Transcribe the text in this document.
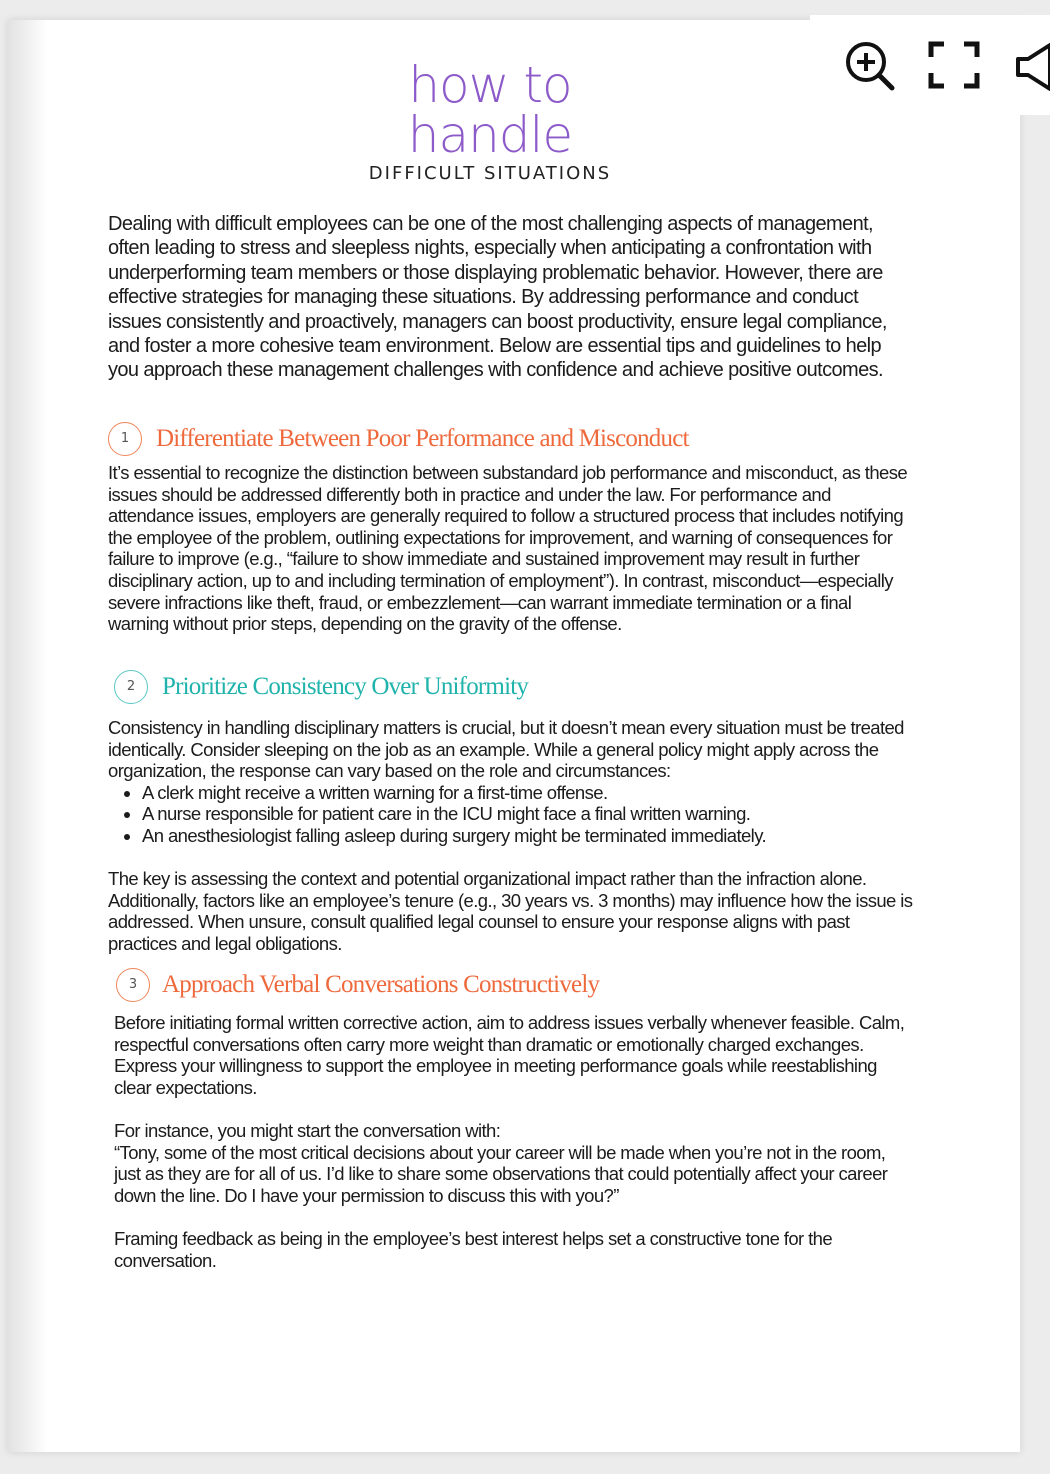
how to
handle
DIFFICULT SITUATIONS
Dealing with difficult employees can be one of the most challenging aspects of management, often leading to stress and sleepless nights, especially when anticipating a confrontation with underperforming team members or those displaying problematic behavior. However, there are effective strategies for managing these situations. By addressing performance and conduct issues consistently and proactively, managers can boost productivity, ensure legal compliance, and foster a more cohesive team environment. Below are essential tips and guidelines to help you approach these management challenges with confidence and achieve positive outcomes.
1	Differentiate Between Poor Performance and Misconduct

It’s essential to recognize the distinction between substandard job performance and misconduct, as these issues should be addressed differently both in practice and under the law. For performance and attendance issues, employers are generally required to follow a structured process that includes notifying the employee of the problem, outlining expectations for improvement, and warning of consequences for failure to improve (e.g., “failure to show immediate and sustained improvement may result in further disciplinary action, up to and including termination of employment”). In contrast, misconduct—especially severe infractions like theft, fraud, or embezzlement—can warrant immediate termination or a final warning without prior steps, depending on the gravity of the offense.

2	Prioritize Consistency Over Uniformity

Consistency in handling disciplinary matters is crucial, but it doesn’t mean every situation must be treated identically. Consider sleeping on the job as an example. While a general policy might apply across the organization, the response can vary based on the role and circumstances:

• A clerk might receive a written warning for a first-time offense.
• A nurse responsible for patient care in the ICU might face a final written warning.
• An anesthesiologist falling asleep during surgery might be terminated immediately.

The key is assessing the context and potential organizational impact rather than the infraction alone. Additionally, factors like an employee’s tenure (e.g., 30 years vs. 3 months) may influence how the issue is addressed. When unsure, consult qualified legal counsel to ensure your response aligns with past practices and legal obligations.

3 Approach Verbal Conversations Constructively

Before initiating formal written corrective action, aim to address issues verbally whenever feasible. Calm, respectful conversations often carry more weight than dramatic or emotionally charged exchanges. Express your willingness to support the employee in meeting performance goals while reestablishing clear expectations.

For instance, you might start the conversation with:

“Tony, some of the most critical decisions about your career will be made when you’re not in the room, just as they are for all of us. I’d like to share some observations that could potentially affect your career down the line. Do I have your permission to discuss this with you?”

Framing feedback as being in the employee’s best interest helps set a constructive tone for the conversation.
